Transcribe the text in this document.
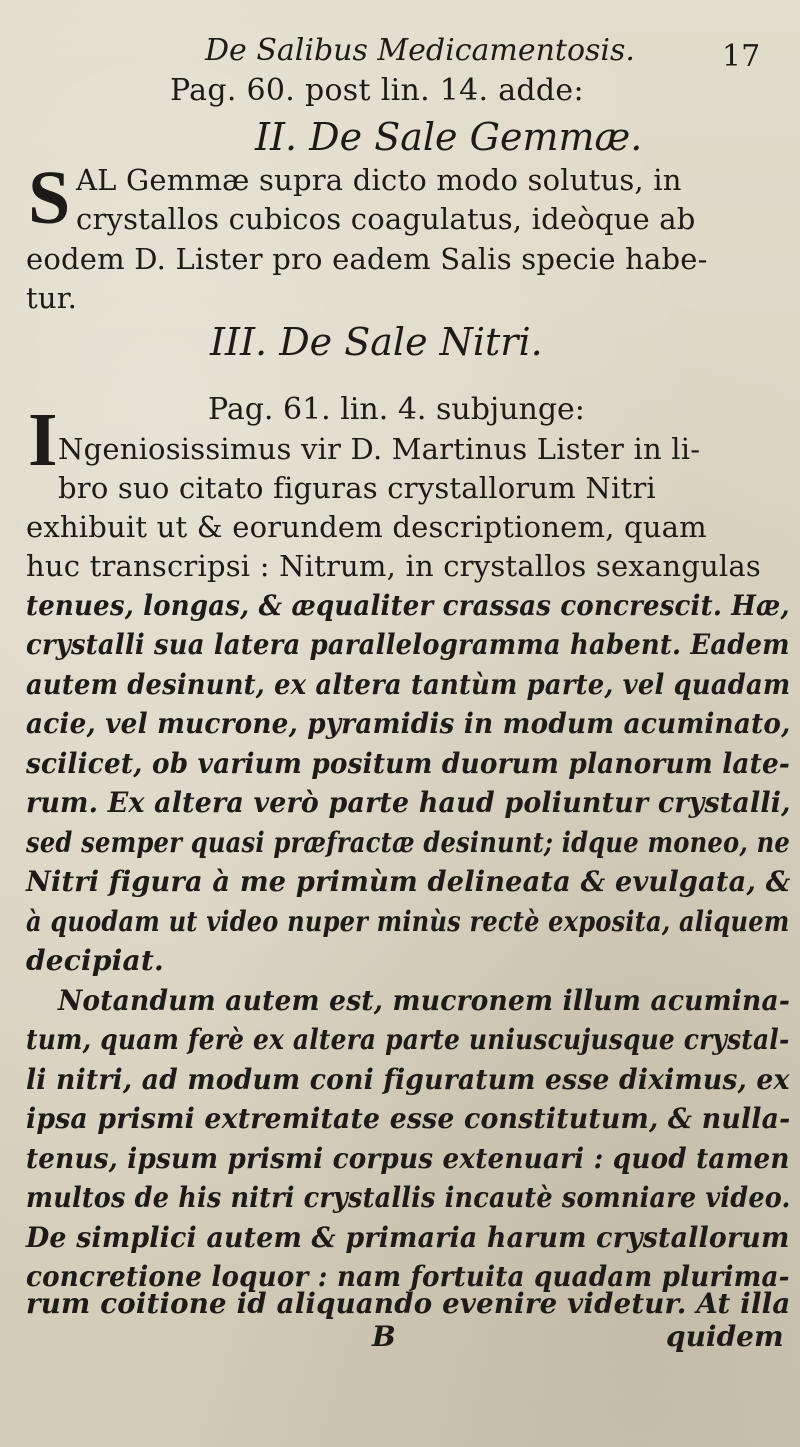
De Salibus Medicamentosis.	17
Pag. 60. post lin. 14. adde:
II. De Sale Gemmæ.
S AL Gemmæ supra dicto modo solutus, in
crystallos cubicos coagulatus, ideòque ab
eodem D. Lister pro eadem Salis specie habe-
tur.
III. De Sale Nitri.
Pag. 61. lin. 4. subjunge:
I Ngeniosissimus vir D. Martinus Lister in li-
bro suo citato figuras crystallorum Nitri
exhibuit ut & eorundem descriptionem, quam
huc transcripsi : Nitrum, in crystallos sexangulas
tenues, longas, & æqualiter crassas concrescit. Hæ,
crystalli sua latera parallelogramma habent. Eadem
autem desinunt, ex altera tantùm parte, vel quadam
acie, vel mucrone, pyramidis in modum acuminato,
scilicet, ob varium positum duorum planorum late-
rum. Ex altera verò parte haud poliuntur crystalli,
sed semper quasi præfractæ desinunt; idque moneo, ne
Nitri figura à me primùm delineata & evulgata, &
à quodam ut video nuper minùs rectè exposita, aliquem
decipiat.
Notandum autem est, mucronem illum acumina-
tum, quam ferè ex altera parte uniuscujusque crystal-
li nitri, ad modum coni figuratum esse diximus, ex
ipsa prismi extremitate esse constitutum, & nulla-
tenus, ipsum prismi corpus extenuari : quod tamen
multos de his nitri crystallis incautè somniare video.
De simplici autem & primaria harum crystallorum
concretione loquor : nam fortuita quadam plurima-
rum coitione id aliquando evenire videtur. At illa
B	quidem
